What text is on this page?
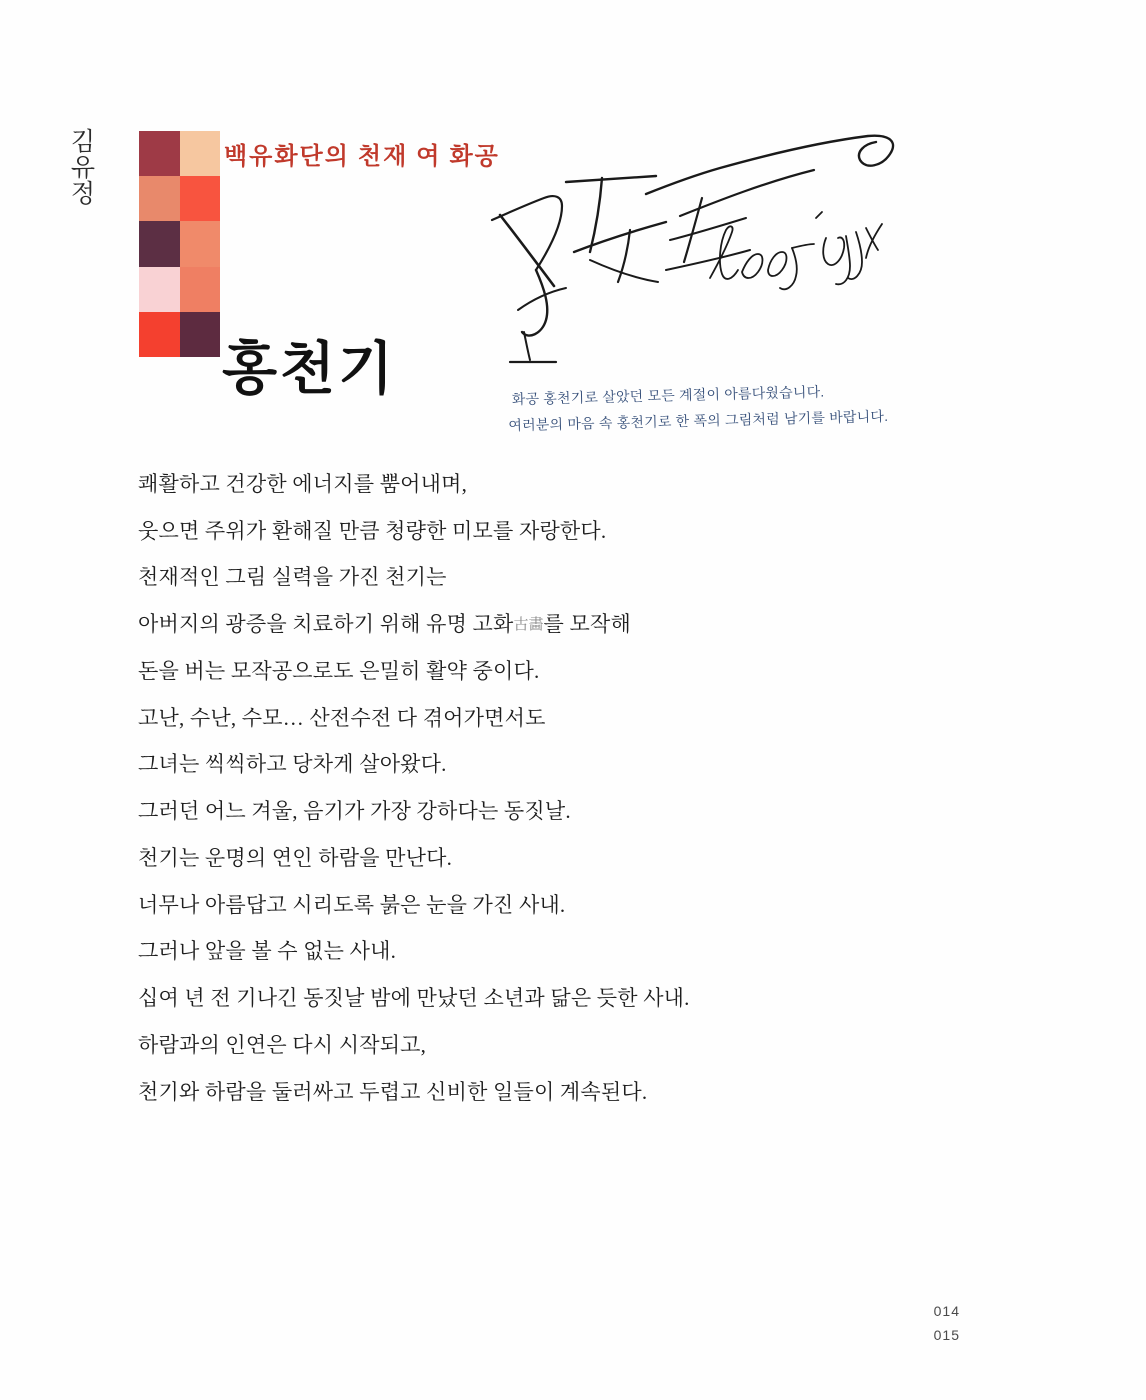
김유정	백유화단의 천재 여 화공
홍천기	화공 홍천기로 살았던 모든 계절이 아름다웠습니다.
여러분의 마음 속 홍천기로 한 폭의 그림처럼 남기를 바랍니다.

쾌활하고 건강한 에너지를 뿜어내며,

웃으면 주위가 환해질 만큼 청량한 미모를 자랑한다.

천재적인 그림 실력을 가진 천기는

아버지의 광증을 치료하기 위해 유명 고화古畵를 모작해

돈을 버는 모작공으로도 은밀히 활약 중이다.

고난, 수난, 수모… 산전수전 다 겪어가면서도

그녀는 씩씩하고 당차게 살아왔다.

그러던 어느 겨울, 음기가 가장 강하다는 동짓날.

천기는 운명의 연인 하람을 만난다.

너무나 아름답고 시리도록 붉은 눈을 가진 사내.

그러나 앞을 볼 수 없는 사내.

십여 년 전 기나긴 동짓날 밤에 만났던 소년과 닮은 듯한 사내.

하람과의 인연은 다시 시작되고,

천기와 하람을 둘러싸고 두렵고 신비한 일들이 계속된다.

014
015
